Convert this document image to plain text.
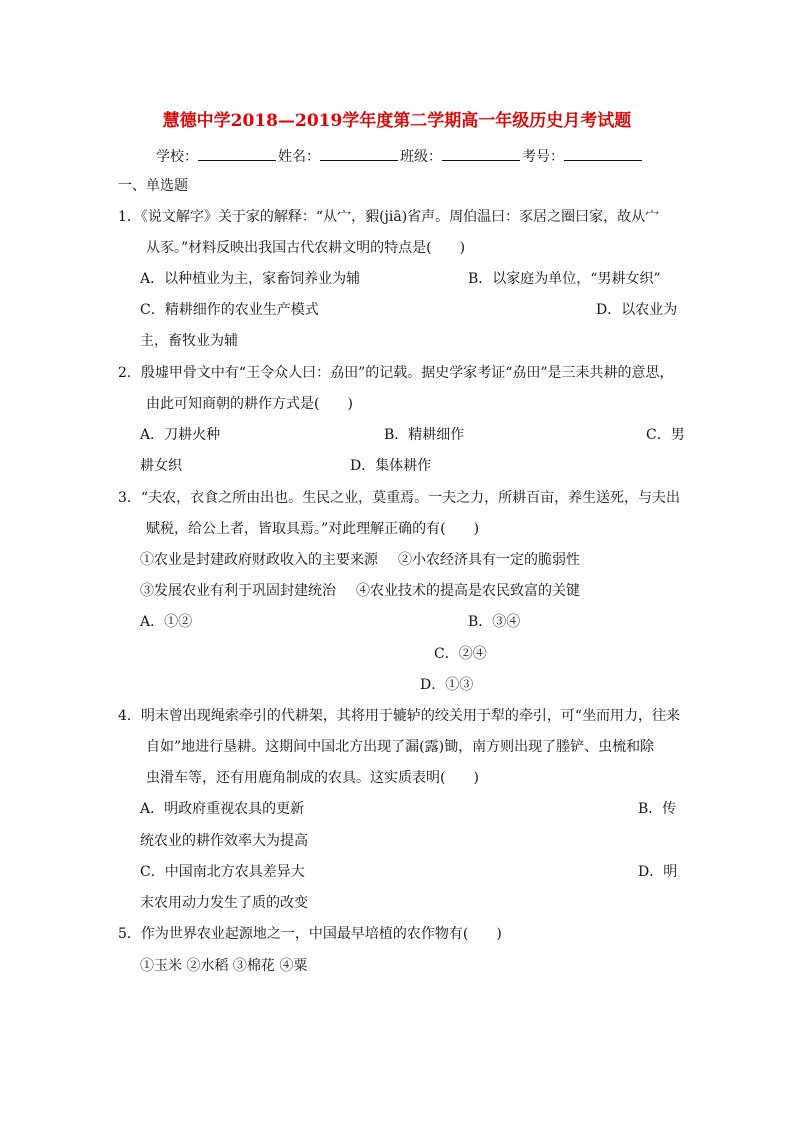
慧德中学2018—2019学年度第二学期高一年级历史月考试题
学校：	姓名：	班级：	考号：
一、单选题
1．《说文解字》关于家的解释：“从宀，豭(jiā)省声。周伯温曰：豕居之圈曰家，故从宀
从豕。”材料反映出我国古代农耕文明的特点是(　　)
A．以种植业为主，家畜饲养业为辅	B．以家庭为单位，“男耕女织”
C．精耕细作的农业生产模式	D．以农业为
主，畜牧业为辅
2．殷墟甲骨文中有“王令众人曰：劦田”的记载。据史学家考证“劦田”是三耒共耕的意思，
由此可知商朝的耕作方式是(　　)
A．刀耕火种	B．精耕细作	C．男
耕女织	D．集体耕作
3．“夫农，衣食之所由出也。生民之业，莫重焉。一夫之力，所耕百亩，养生送死，与夫出
赋税，给公上者，皆取具焉。”对此理解正确的有(　　)
①农业是封建政府财政收入的主要来源 ②小农经济具有一定的脆弱性
③发展农业有利于巩固封建统治 ④农业技术的提高是农民致富的关键
A．①②	B．③④
C．②④
D．①③
4．明末曾出现绳索牵引的代耕架，其将用于辘轳的绞关用于犁的牵引，可“坐而用力，往来
自如”地进行垦耕。这期间中国北方出现了漏(露)锄，南方则出现了塍铲、虫梳和除
虫滑车等，还有用鹿角制成的农具。这实质表明(　　)
A．明政府重视农具的更新	B．传
统农业的耕作效率大为提高
C．中国南北方农具差异大	D．明
末农用动力发生了质的改变
5．作为世界农业起源地之一，中国最早培植的农作物有(　　)
①玉米 ②水稻 ③棉花 ④粟
